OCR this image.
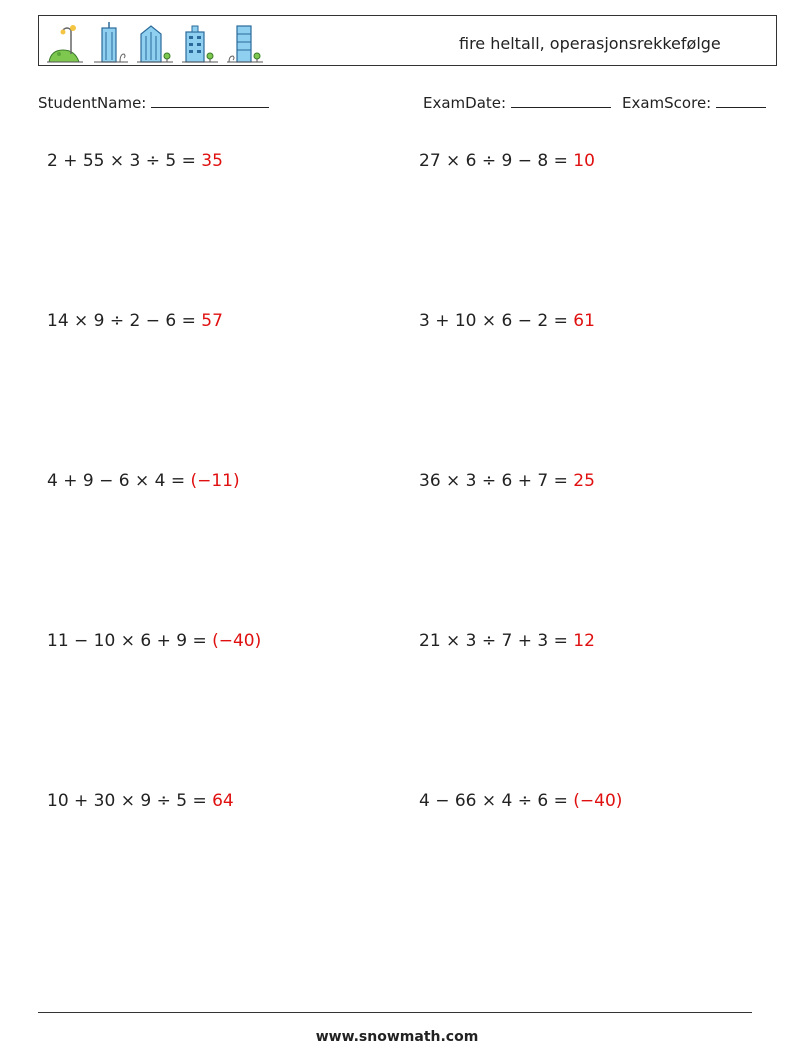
fire heltall, operasjonsrekkefølge
StudentName:	ExamDate:	ExamScore:
2 + 55 × 3 ÷ 5 = 35	27 × 6 ÷ 9 − 8 = 10
14 × 9 ÷ 2 − 6 = 57	3 + 10 × 6 − 2 = 61
4 + 9 − 6 × 4 = (−11)	36 × 3 ÷ 6 + 7 = 25
11 − 10 × 6 + 9 = (−40)	21 × 3 ÷ 7 + 3 = 12
10 + 30 × 9 ÷ 5 = 64	4 − 66 × 4 ÷ 6 = (−40)
www.snowmath.com
